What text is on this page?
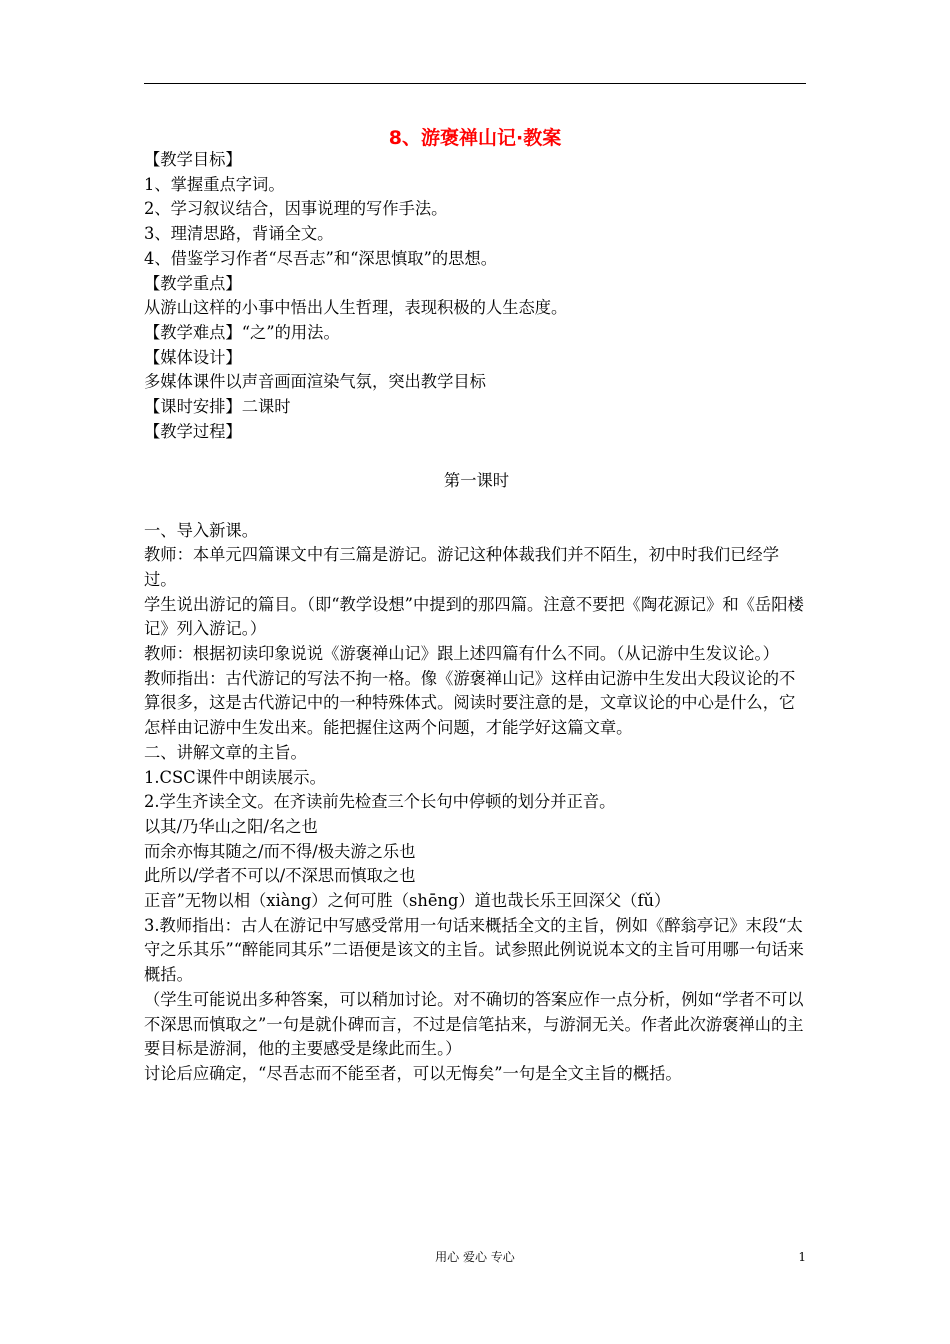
8、游褒禅山记·教案

【教学目标】

1、掌握重点字词。

2、学习叙议结合，因事说理的写作手法。

3、理清思路，背诵全文。

4、借鉴学习作者“尽吾志”和“深思慎取”的思想。

【教学重点】

从游山这样的小事中悟出人生哲理，表现积极的人生态度。

【教学难点】“之”的用法。

【媒体设计】

多媒体课件以声音画面渲染气氛，突出教学目标

【课时安排】二课时

【教学过程】

第一课时

一、导入新课。

教师：本单元四篇课文中有三篇是游记。游记这种体裁我们并不陌生，初中时我们已经学过。

学生说出游记的篇目。（即“教学设想”中提到的那四篇。注意不要把《陶花源记》和《岳阳楼记》列入游记。）

教师：根据初读印象说说《游褒禅山记》跟上述四篇有什么不同。（从记游中生发议论。）

教师指出：古代游记的写法不拘一格。像《游褒禅山记》这样由记游中生发出大段议论的不算很多，这是古代游记中的一种特殊体式。阅读时要注意的是，文章议论的中心是什么，它怎样由记游中生发出来。能把握住这两个问题，才能学好这篇文章。

二、讲解文章的主旨。

1.CSC课件中朗读展示。

2.学生齐读全文。在齐读前先检查三个长句中停顿的划分并正音。

以其/乃华山之阳/名之也

而余亦悔其随之/而不得/极夫游之乐也

此所以/学者不可以/不深思而慎取之也

正音”无物以相（xiàng）之何可胜（shēng）道也哉长乐王回深父（fǔ）

3.教师指出：古人在游记中写感受常用一句话来概括全文的主旨，例如《醉翁亭记》末段“太守之乐其乐”“醉能同其乐”二语便是该文的主旨。试参照此例说说本文的主旨可用哪一句话来概括。

（学生可能说出多种答案，可以稍加讨论。对不确切的答案应作一点分析，例如“学者不可以不深思而慎取之”一句是就仆碑而言，不过是信笔拈来，与游洞无关。作者此次游褒禅山的主要目标是游洞，他的主要感受是缘此而生。）

讨论后应确定，“尽吾志而不能至者，可以无悔矣”一句是全文主旨的概括。

用心 爱心 专心	1
